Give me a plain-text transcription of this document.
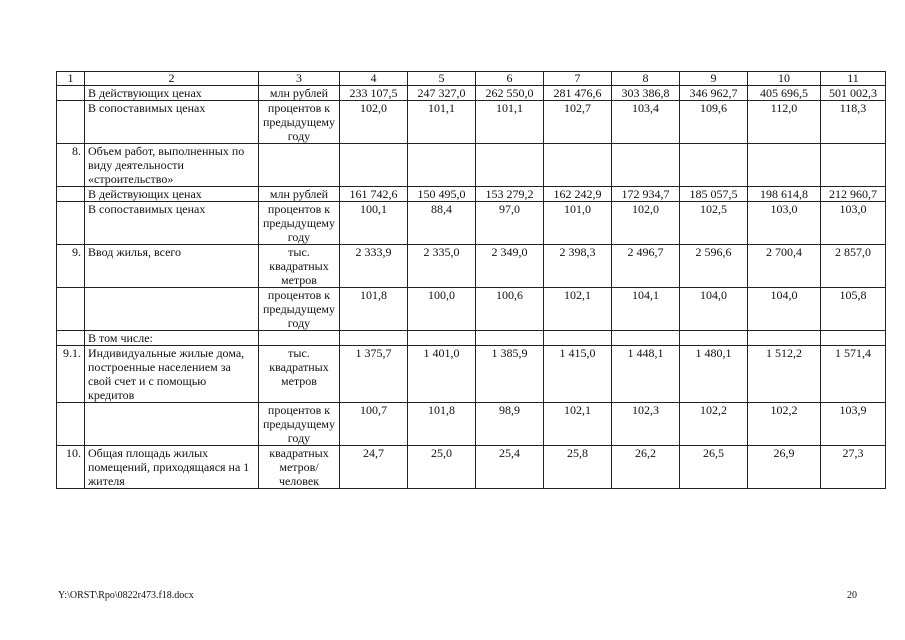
1	2	3	4	5	6	7	8	9	10	11
	В действующих ценах	млн рублей	233 107,5	247 327,0	262 550,0	281 476,6	303 386,8	346 962,7	405 696,5	501 002,3
	В сопоставимых ценах	процентов к предыдущему году	102,0	101,1	101,1	102,7	103,4	109,6	112,0	118,3
8.	Объем работ, выполненных по виду деятельности «строительство»									
	В действующих ценах	млн рублей	161 742,6	150 495,0	153 279,2	162 242,9	172 934,7	185 057,5	198 614,8	212 960,7
	В сопоставимых ценах	процентов к предыдущему году	100,1	88,4	97,0	101,0	102,0	102,5	103,0	103,0
9.	Ввод жилья, всего	тыс. квадратных метров	2 333,9	2 335,0	2 349,0	2 398,3	2 496,7	2 596,6	2 700,4	2 857,0
		процентов к предыдущему году	101,8	100,0	100,6	102,1	104,1	104,0	104,0	105,8
	В том числе:									
9.1.	Индивидуальные жилые дома, построенные населением за свой счет и с помощью кредитов	тыс. квадратных метров	1 375,7	1 401,0	1 385,9	1 415,0	1 448,1	1 480,1	1 512,2	1 571,4
		процентов к предыдущему году	100,7	101,8	98,9	102,1	102,3	102,2	102,2	103,9
10.	Общая площадь жилых помещений, приходящаяся на 1 жителя	квадратных метров/ человек	24,7	25,0	25,4	25,8	26,2	26,5	26,9	27,3
Y:\ORST\Rpo\0822r473.f18.docx	20
